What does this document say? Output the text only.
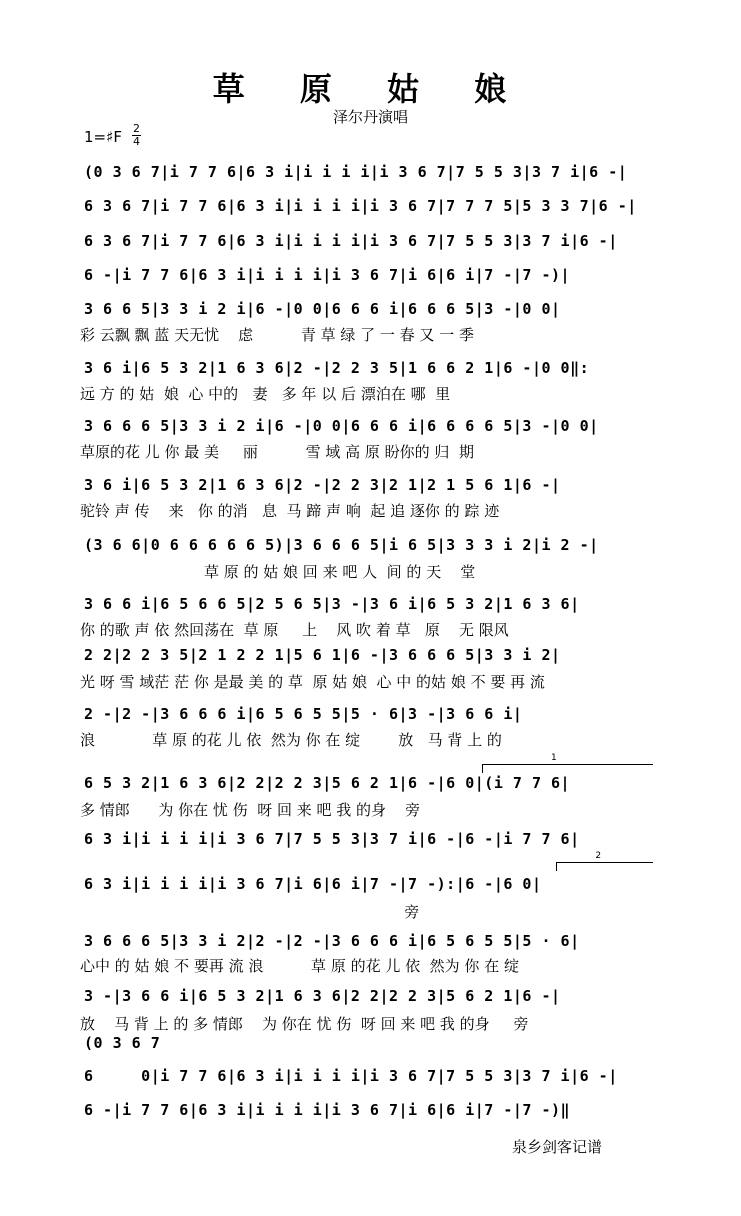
草 原 姑 娘
泽尔丹演唱
1=♯F 2
4
(0 3 6 7|i 7 7 6|6 3 i|i i i i|i 3 6 7|7 5 5 3|3 7 i|6 -|
6 3 6 7|i 7 7 6|6 3 i|i i i i|i 3 6 7|7 7 7 5|5 3 3 7|6 -|
6 3 6 7|i 7 7 6|6 3 i|i i i i|i 3 6 7|7 5 5 3|3 7 i|6 -|
6 -|i 7 7 6|6 3 i|i i i i|i 3 6 7|i 6|6 i|7 -|7 -)|
3 6 6 5|3 3 i 2 i|6 -|0 0|6 6 6 i|6 6 6 5|3 -|0 0|
彩 云飘 飘 蓝 天无忧    虑          青 草 绿 了 一 春 又 一 季
3 6 i|6 5 3 2|1 6 3 6|2 -|2 2 3 5|1 6 6 2 1|6 -|0 0‖:
远 方 的 姑  娘  心 中的   妻   多 年 以 后 漂泊在 哪  里
3 6 6 6 5|3 3 i 2 i|6 -|0 0|6 6 6 i|6 6 6 6 5|3 -|0 0|
草原的花 儿 你 最 美     丽          雪 域 高 原 盼你的 归  期
3 6 i|6 5 3 2|1 6 3 6|2 -|2 2 3|2 1|2 1 5 6 1|6 -|
驼铃 声 传    来   你 的消   息  马 蹄 声 响  起 追 逐你 的 踪 迹
(3 6 6|0 6 6 6 6 6 5)|3 6 6 6 5|i 6 5|3 3 3 i 2|i 2 -|
草 原 的 姑 娘 回 来 吧 人  间 的 天    堂
3 6 6 i|6 5 6 6 5|2 5 6 5|3 -|3 6 i|6 5 3 2|1 6 3 6|
你 的歌 声 依 然回荡在  草 原     上    风 吹 着 草   原    无 限风
2 2|2 2 3 5|2 1 2 2 1|5 6 1|6 -|3 6 6 6 5|3 3 i 2|
光 呀 雪 域茫 茫 你 是最 美 的 草  原 姑 娘  心 中 的姑 娘 不 要 再 流
2 -|2 -|3 6 6 6 i|6 5 6 5 5|5 · 6|3 -|3 6 6 i|
浪            草 原 的花 儿 依  然为 你 在 绽        放   马 背 上 的
1
6 5 3 2|1 6 3 6|2 2|2 2 3|5 6 2 1|6 -|6 0|(i 7 7 6|
多 情郎      为 你在 忧 伤  呀 回 来 吧 我 的身    旁
6 3 i|i i i i|i 3 6 7|7 5 5 3|3 7 i|6 -|6 -|i 7 7 6|
2
6 3 i|i i i i|i 3 6 7|i 6|6 i|7 -|7 -):|6 -|6 0|
旁
3 6 6 6 5|3 3 i 2|2 -|2 -|3 6 6 6 i|6 5 6 5 5|5 · 6|
心中 的 姑 娘 不 要再 流 浪          草 原 的花 儿 依  然为 你 在 绽
3 -|3 6 6 i|6 5 3 2|1 6 3 6|2 2|2 2 3|5 6 2 1|6 -|
放    马 背 上 的 多 情郎    为 你在 忧 伤  呀 回 来 吧 我 的身     旁
(0 3 6 7
6     0|i 7 7 6|6 3 i|i i i i|i 3 6 7|7 5 5 3|3 7 i|6 -|
6 -|i 7 7 6|6 3 i|i i i i|i 3 6 7|i 6|6 i|7 -|7 -)‖
泉乡剑客记谱
